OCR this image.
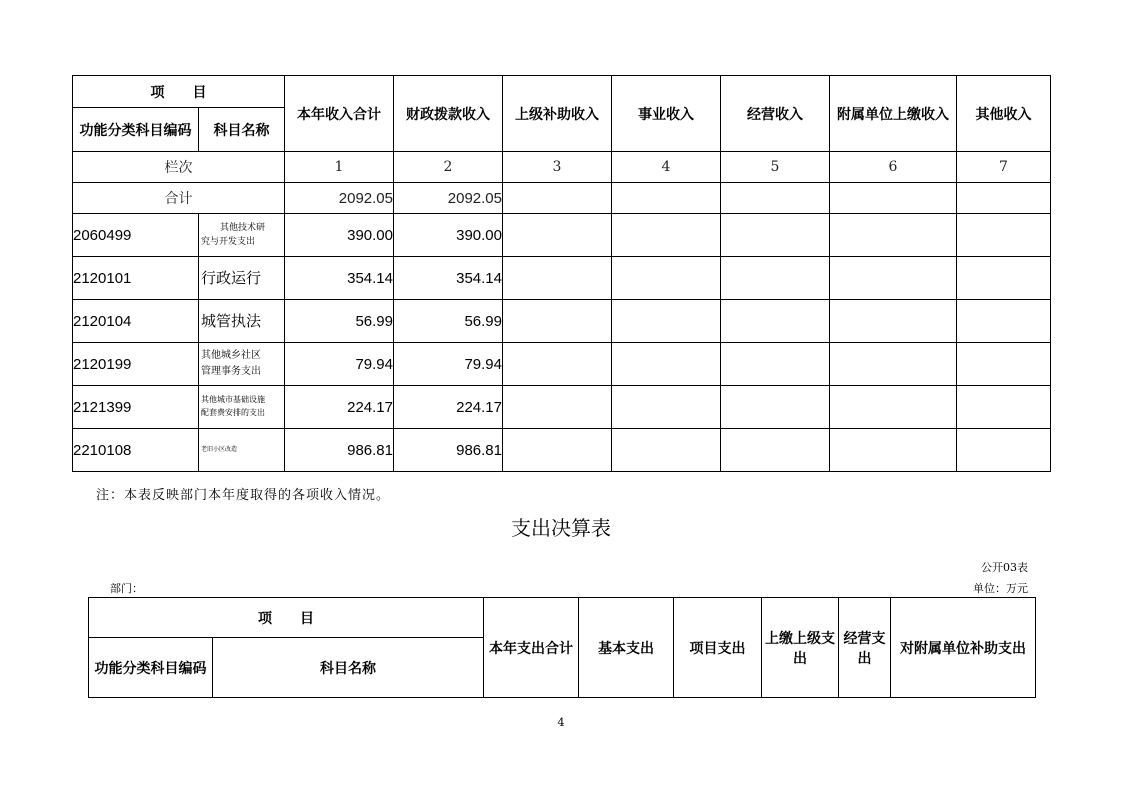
项　　目		本年收入合计	财政拨款收入	上级补助收入	事业收入	经营收入	附属单位上缴收入	其他收入
功能分类科目编码	科目名称							
栏次		1	2	3	4	5	6	7
合计		2092.05	2092.05					
2060499	其他技术研
究与开发支出	390.00	390.00					
2120101	行政运行	354.14	354.14					
2120104	城管执法	56.99	56.99					
2120199	其他城乡社区
管理事务支出	79.94	79.94					
2121399	其他城市基础设施
配套费安排的支出	224.17	224.17					
2210108	老旧小区改造	986.81	986.81					
注：本表反映部门本年度取得的各项收入情况。
支出决算表
公开03表
部门：	单位：万元
项　　目		本年支出合计	基本支出	项目支出	上缴上级支出	经营支出	对附属单位补助支出
功能分类科目编码	科目名称						
4
